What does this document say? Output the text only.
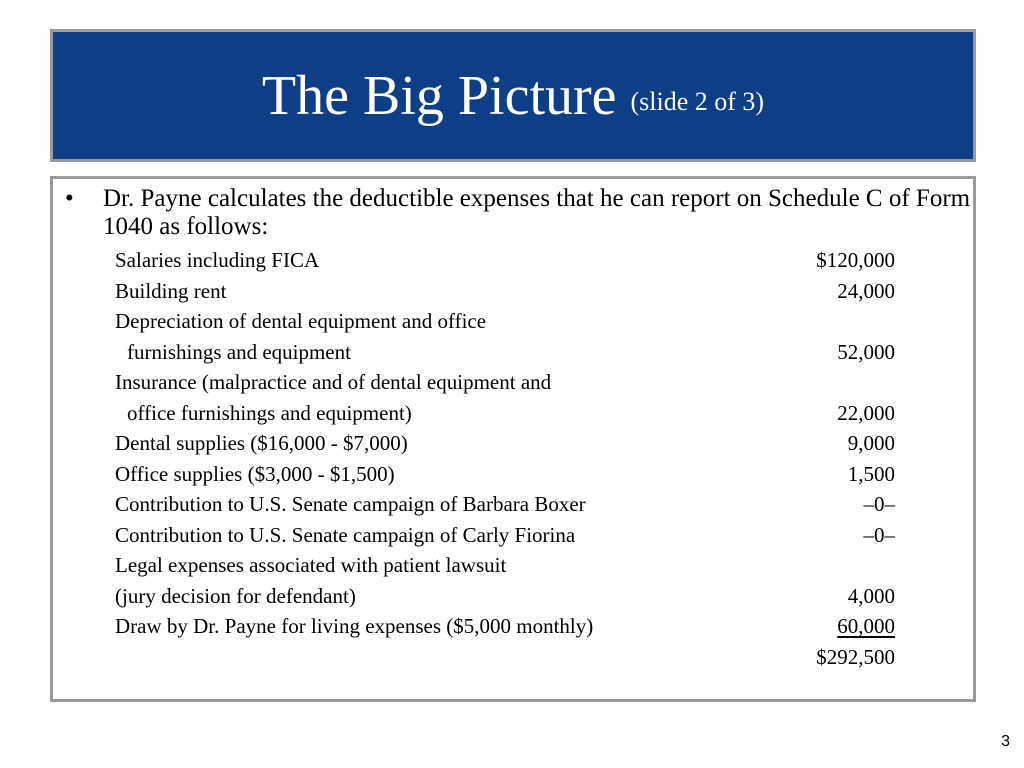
The Big Picture (slide 2 of 3)
•	Dr. Payne calculates the deductible expenses that he can report on Schedule C of Form 1040 as follows:
Salaries including FICA	$120,000
Building rent	24,000
Depreciation of dental equipment and office
furnishings and equipment	52,000
Insurance (malpractice and of dental equipment and
office furnishings and equipment)	22,000
Dental supplies ($16,000 - $7,000)	9,000
Office supplies ($3,000 - $1,500)	1,500
Contribution to U.S. Senate campaign of Barbara Boxer	–0–
Contribution to U.S. Senate campaign of Carly Fiorina	–0–
Legal expenses associated with patient lawsuit
(jury decision for defendant)	4,000
Draw by Dr. Payne for living expenses ($5,000 monthly)	60,000
$292,500
3
